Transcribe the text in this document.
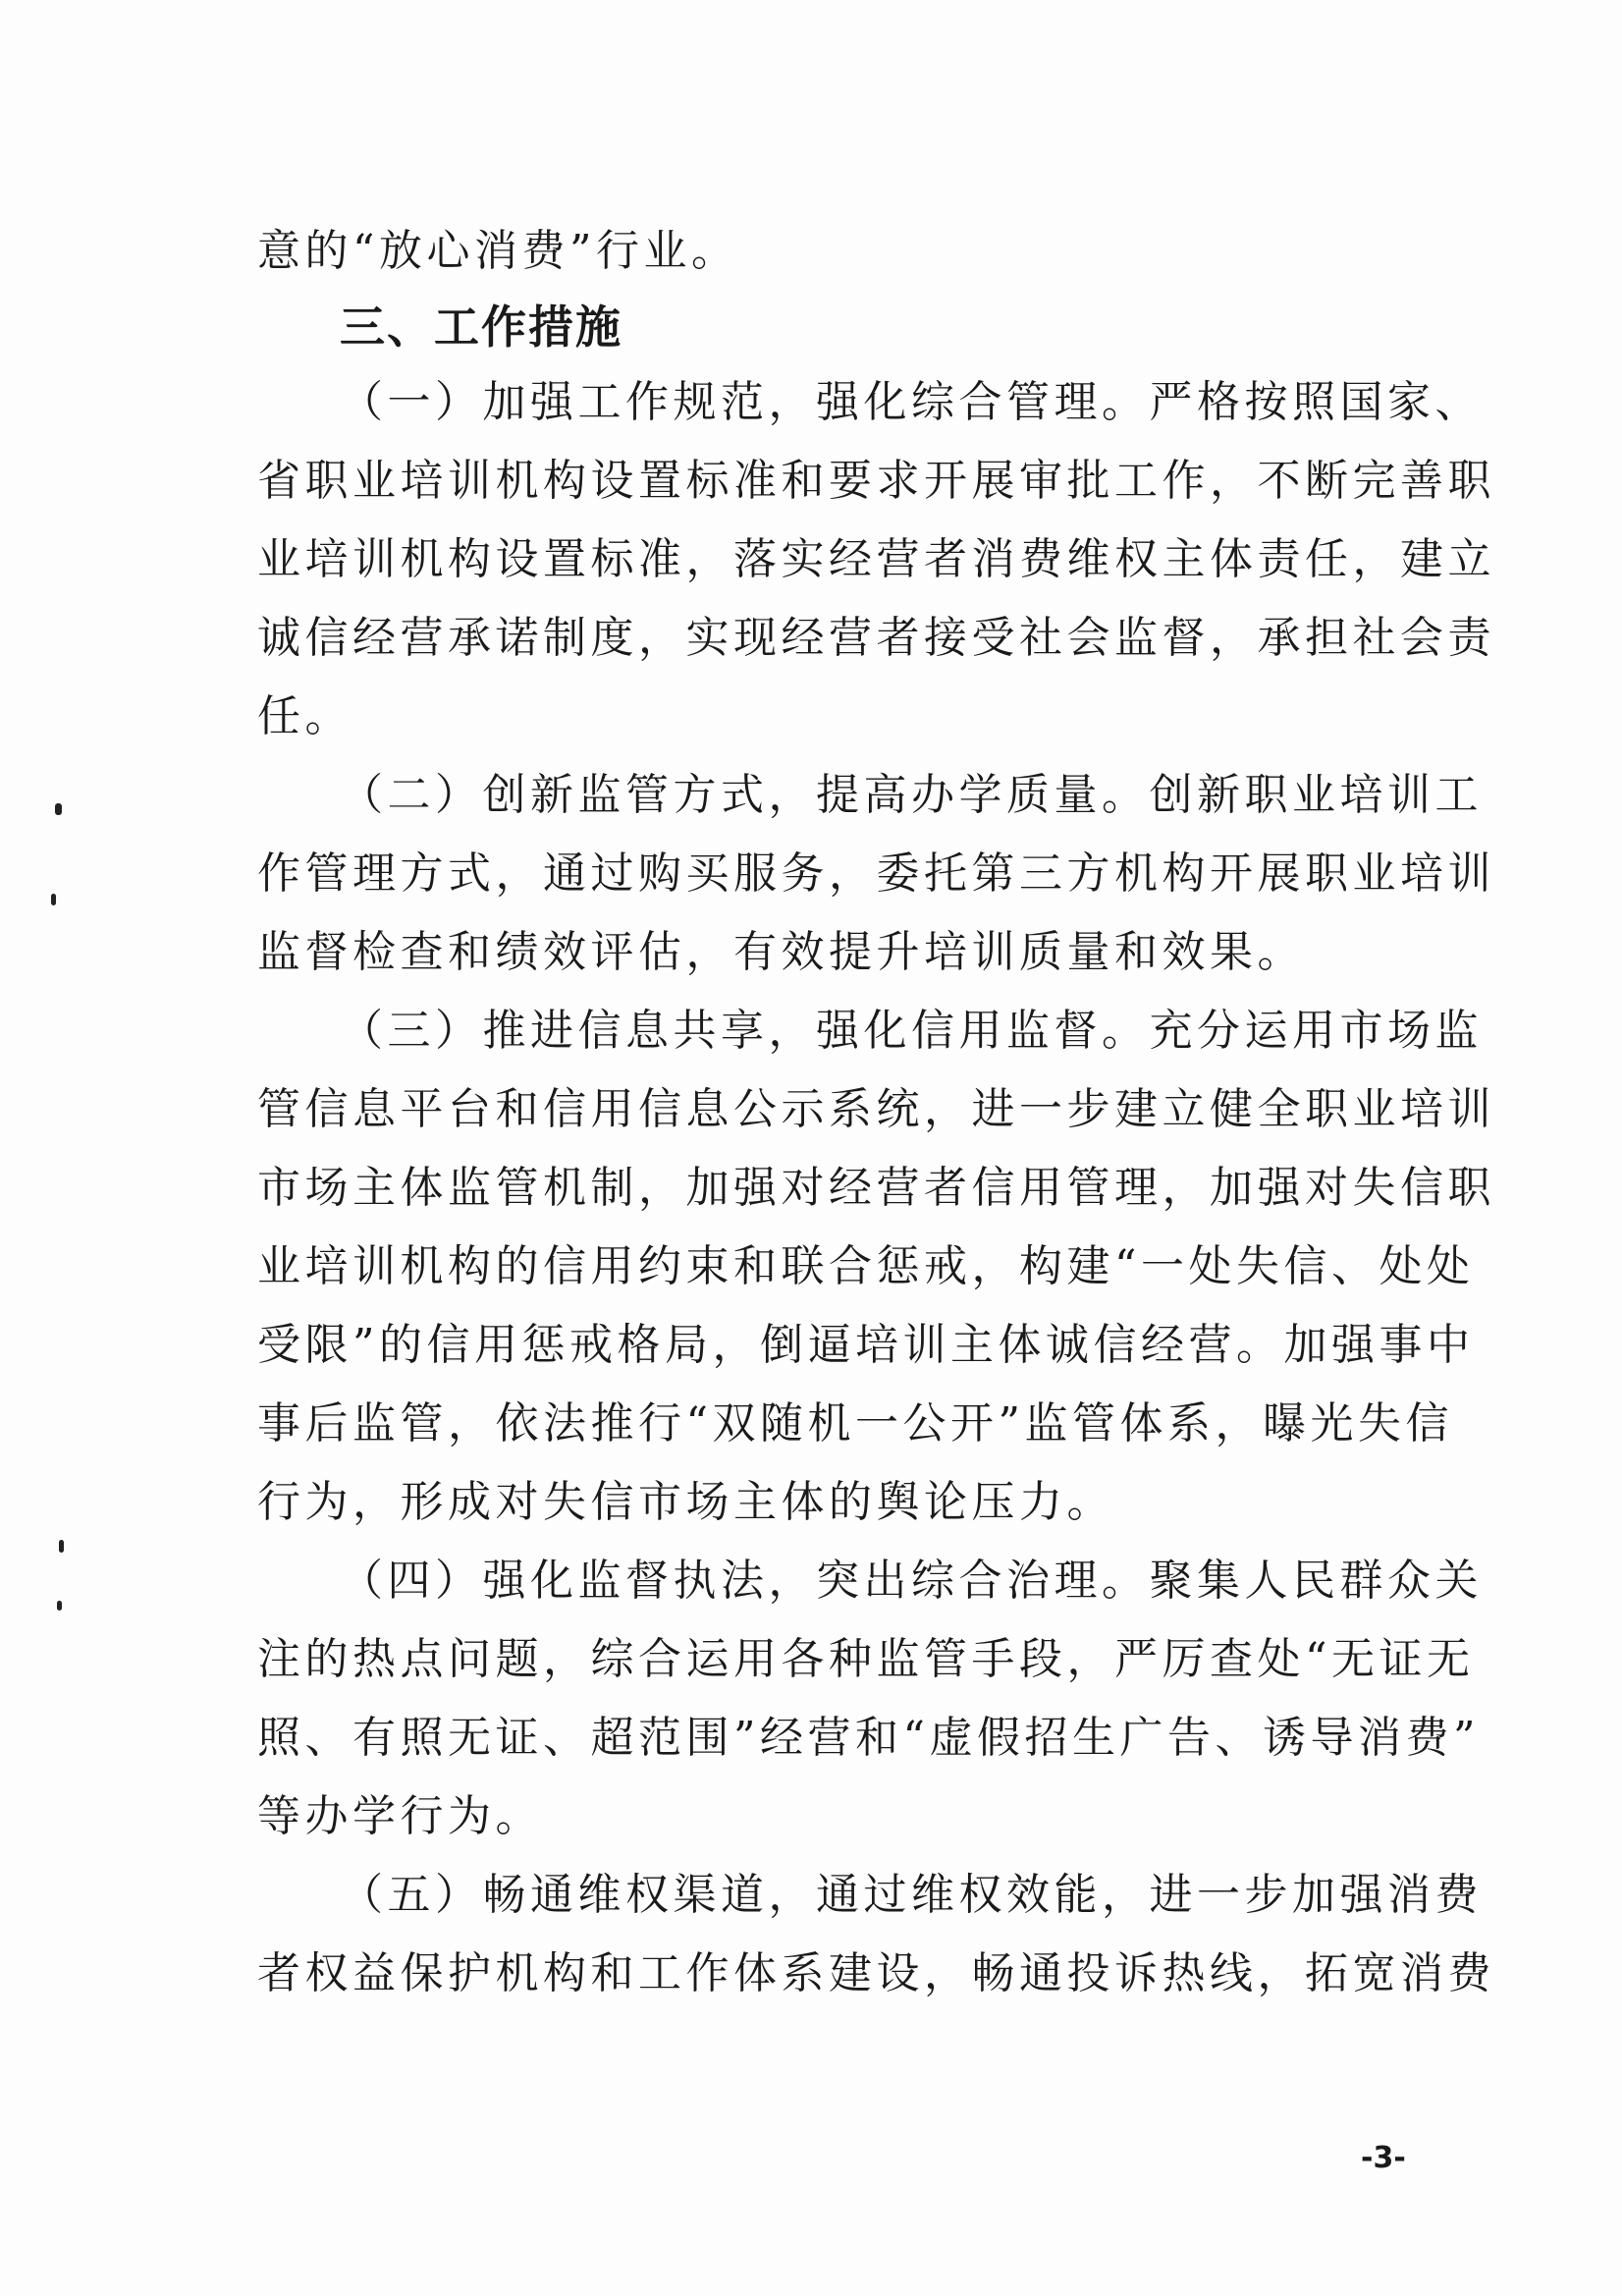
意的“放心消费”行业。
三、工作措施
（一）加强工作规范，强化综合管理。严格按照国家、
省职业培训机构设置标准和要求开展审批工作，不断完善职
业培训机构设置标准，落实经营者消费维权主体责任，建立
诚信经营承诺制度，实现经营者接受社会监督，承担社会责
任。
（二）创新监管方式，提高办学质量。创新职业培训工
作管理方式，通过购买服务，委托第三方机构开展职业培训
监督检查和绩效评估，有效提升培训质量和效果。
（三）推进信息共享，强化信用监督。充分运用市场监
管信息平台和信用信息公示系统，进一步建立健全职业培训
市场主体监管机制，加强对经营者信用管理，加强对失信职
业培训机构的信用约束和联合惩戒，构建“一处失信、处处
受限”的信用惩戒格局，倒逼培训主体诚信经营。加强事中
事后监管，依法推行“双随机一公开”监管体系，曝光失信
行为，形成对失信市场主体的舆论压力。
（四）强化监督执法，突出综合治理。聚集人民群众关
注的热点问题，综合运用各种监管手段，严厉查处“无证无
照、有照无证、超范围”经营和“虚假招生广告、诱导消费”
等办学行为。
（五）畅通维权渠道，通过维权效能，进一步加强消费
者权益保护机构和工作体系建设，畅通投诉热线，拓宽消费
-3-
